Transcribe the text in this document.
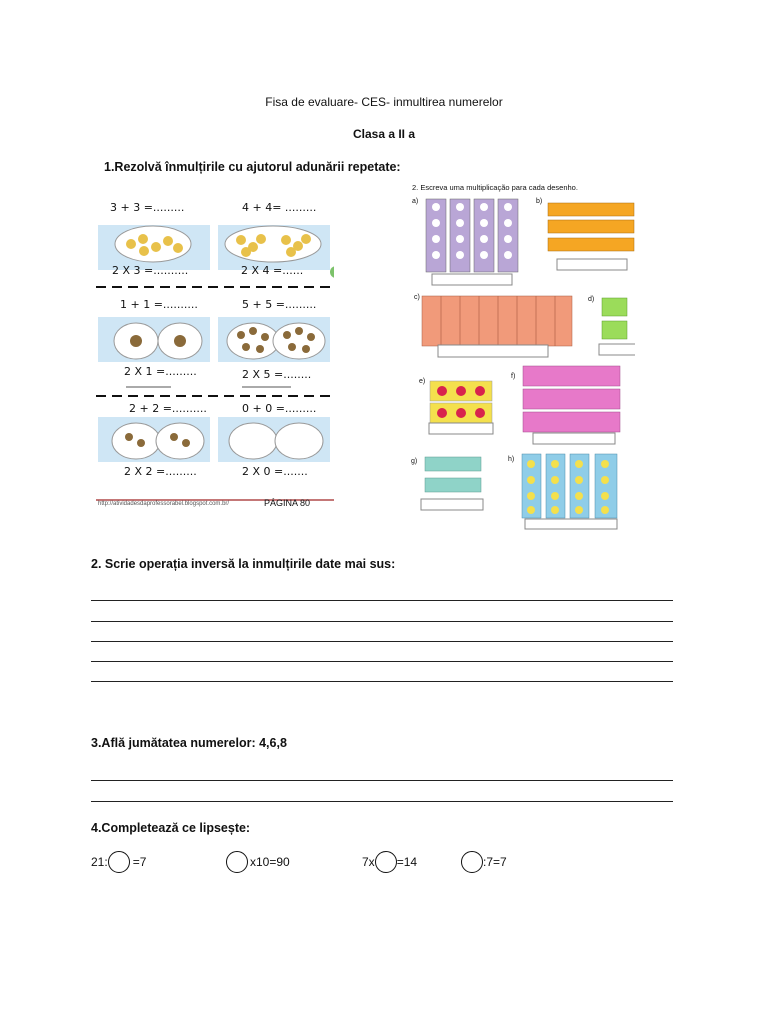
Fisa de evaluare- CES- inmultirea numerelor
Clasa a II a
1.Rezolvă înmulțirile cu ajutorul adunării repetate:
3 + 3 =.........	4 + 4= .........
2 X 3 =..........	2 X 4 =......
1 + 1 =..........	5 + 5 =.........
2 X 1 =.........	2 X 5 =........
2 + 2 =..........	0 + 0 =.........
2 X 2 =.........	2 X 0 =.......
http://atividadesdaprofessorabel.blogspot.com.br/	PÁGINA 80
2. Escreva uma multiplicação para cada desenho.
a)	b)
c)	d)
e)
f)
g)	h)
2. Scrie operația inversă la inmulțirile date mai sus:
3.Află jumătatea numerelor: 4,6,8
4.Completează ce lipsește:
21: =7	x10=90	7x =14	:7=7
